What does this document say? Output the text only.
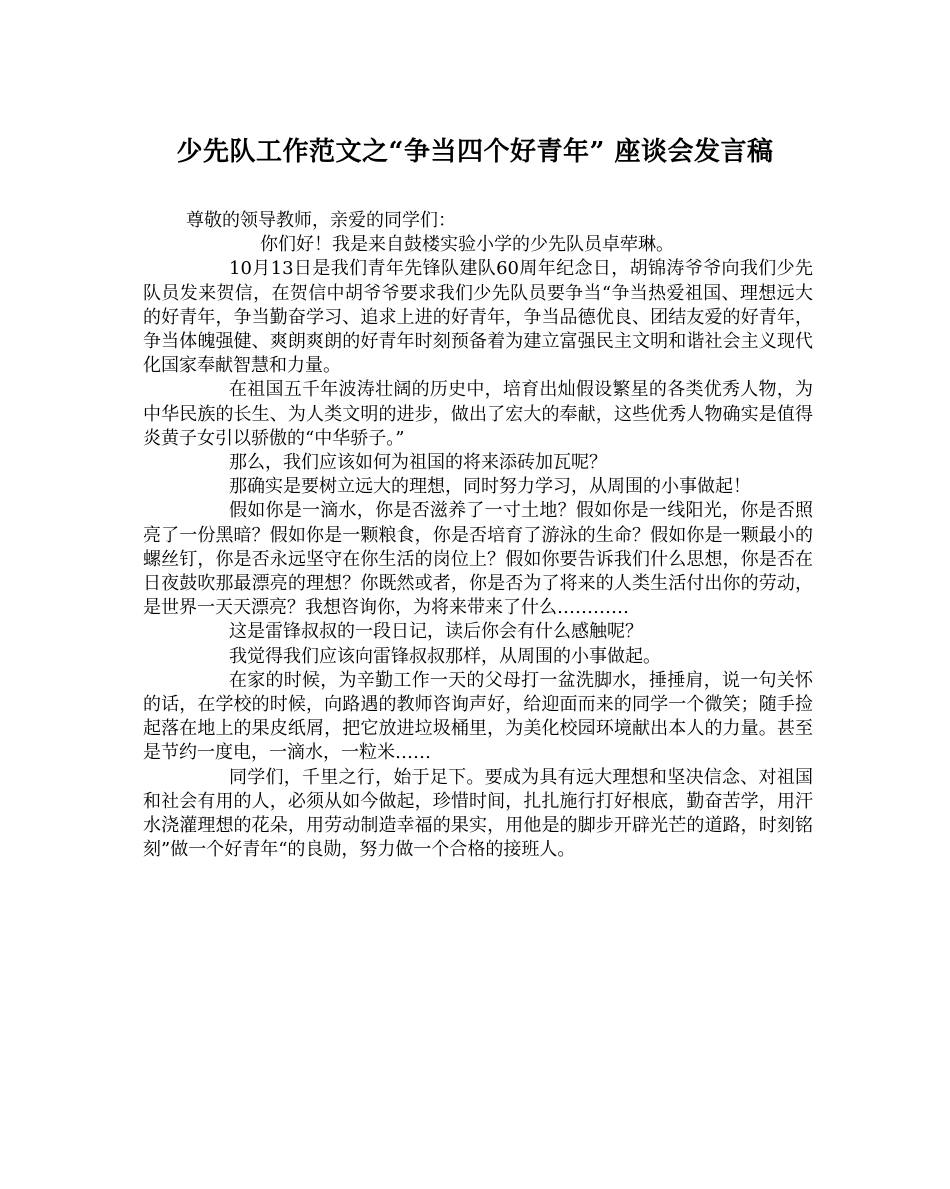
少先队工作范文之“争当四个好青年” 座谈会发言稿

尊敬的领导教师，亲爱的同学们：

你们好！我是来自鼓楼实验小学的少先队员卓荦琳。

10月13日是我们青年先锋队建队60周年纪念日，胡锦涛爷爷向我们少先队员发来贺信，在贺信中胡爷爷要求我们少先队员要争当“争当热爱祖国、理想远大的好青年，争当勤奋学习、追求上进的好青年，争当品德优良、团结友爱的好青年，争当体魄强健、爽朗爽朗的好青年时刻预备着为建立富强民主文明和谐社会主义现代化国家奉献智慧和力量。

在祖国五千年波涛壮阔的历史中，培育出灿假设繁星的各类优秀人物，为中华民族的长生、为人类文明的进步，做出了宏大的奉献，这些优秀人物确实是值得炎黄子女引以骄傲的“中华骄子。”

那么，我们应该如何为祖国的将来添砖加瓦呢？

那确实是要树立远大的理想，同时努力学习，从周围的小事做起！

假如你是一滴水，你是否滋养了一寸土地？假如你是一线阳光，你是否照亮了一份黑暗？假如你是一颗粮食，你是否培育了游泳的生命？假如你是一颗最小的螺丝钉，你是否永远坚守在你生活的岗位上？假如你要告诉我们什么思想，你是否在日夜鼓吹那最漂亮的理想？你既然或者，你是否为了将来的人类生活付出你的劳动，是世界一天天漂亮？我想咨询你，为将来带来了什么…………

这是雷锋叔叔的一段日记，读后你会有什么感触呢？

我觉得我们应该向雷锋叔叔那样，从周围的小事做起。

在家的时候，为辛勤工作一天的父母打一盆洗脚水，捶捶肩，说一句关怀的话，在学校的时候，向路遇的教师咨询声好，给迎面而来的同学一个微笑；随手捡起落在地上的果皮纸屑，把它放进垃圾桶里，为美化校园环境献出本人的力量。甚至是节约一度电，一滴水，一粒米……

同学们，千里之行，始于足下。要成为具有远大理想和坚决信念、对祖国和社会有用的人，必须从如今做起，珍惜时间，扎扎施行打好根底，勤奋苦学，用汗水浇灌理想的花朵，用劳动制造幸福的果实，用他是的脚步开辟光芒的道路，时刻铭刻”做一个好青年“的良勋，努力做一个合格的接班人。
